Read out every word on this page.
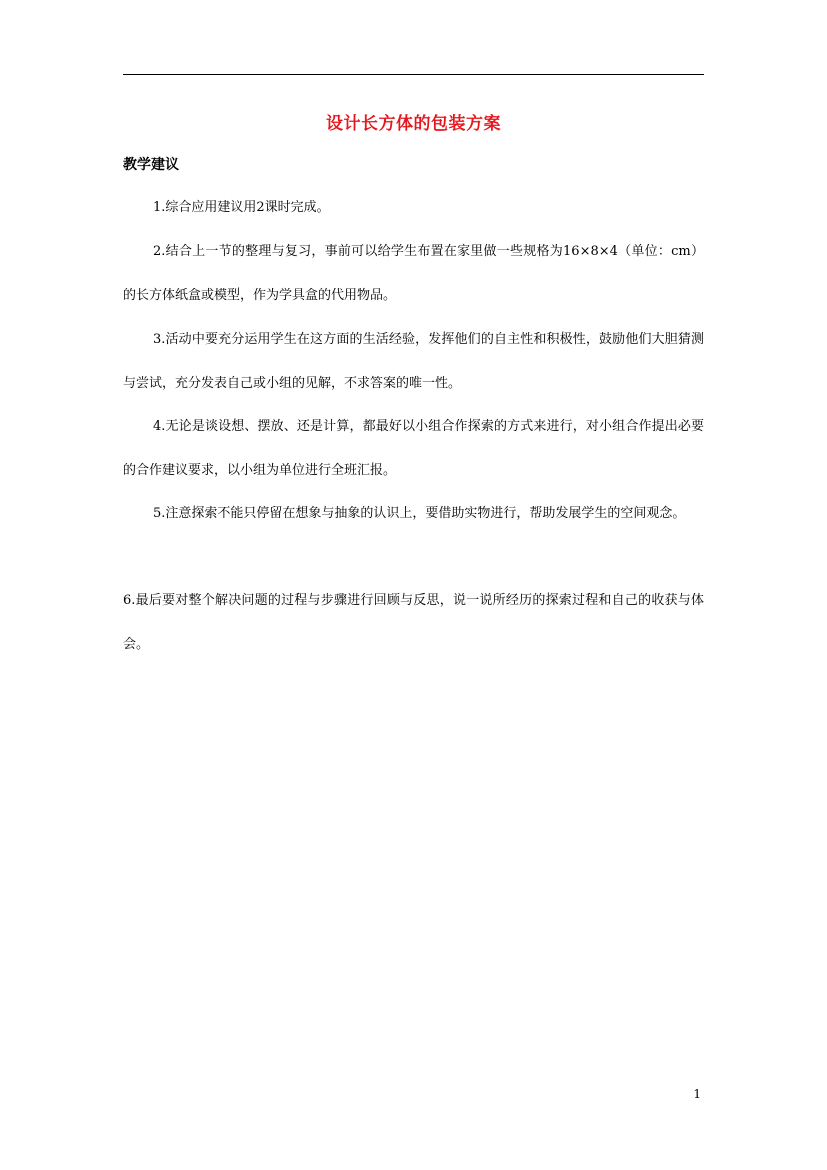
设计长方体的包装方案
教学建议
1.综合应用建议用2课时完成。
2.结合上一节的整理与复习，事前可以给学生布置在家里做一些规格为16×8×4（单位：cm）的长方体纸盒或模型，作为学具盒的代用物品。
3.活动中要充分运用学生在这方面的生活经验，发挥他们的自主性和积极性，鼓励他们大胆猜测与尝试，充分发表自己或小组的见解，不求答案的唯一性。
4.无论是谈设想、摆放、还是计算，都最好以小组合作探索的方式来进行，对小组合作提出必要的合作建议要求，以小组为单位进行全班汇报。
5.注意探索不能只停留在想象与抽象的认识上，要借助实物进行，帮助发展学生的空间观念。
6.最后要对整个解决问题的过程与步骤进行回顾与反思，说一说所经历的探索过程和自己的收获与体会。
1
